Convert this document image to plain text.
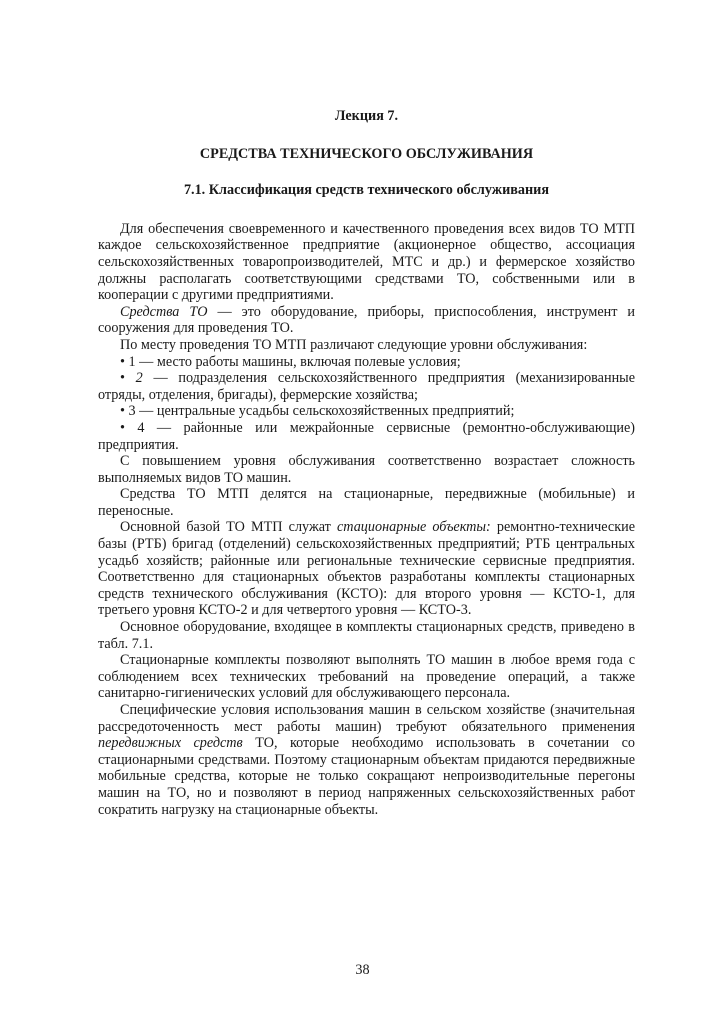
Лекция 7.

СРЕДСТВА ТЕХНИЧЕСКОГО ОБСЛУЖИВАНИЯ

7.1. Классификация средств технического обслуживания

Для обеспечения своевременного и качественного проведения всех видов ТО МТП каждое сельскохозяйственное предприятие (акционерное общество, ассоциация сельскохозяйственных товаропроизводителей, МТС и др.) и фермерское хозяйство должны располагать соответствующими средствами ТО, собственными или в кооперации с другими предприятиями.

Средства ТО — это оборудование, приборы, приспособления, инструмент и сооружения для проведения ТО.

По месту проведения ТО МТП различают следующие уровни обслуживания:

• 1 — место работы машины, включая полевые условия;

• 2 — подразделения сельскохозяйственного предприятия (механизированные отряды, отделения, бригады), фермерские хозяйства;

• 3 — центральные усадьбы сельскохозяйственных предприятий;

• 4 — районные или межрайонные сервисные (ремонтно-обслуживающие) предприятия.

С повышением уровня обслуживания соответственно возрастает сложность выполняемых видов ТО машин.

Средства ТО МТП делятся на стационарные, передвижные (мобильные) и переносные.

Основной базой ТО МТП служат стационарные объекты: ремонтно-технические базы (РТБ) бригад (отделений) сельскохозяйственных предприятий; РТБ центральных усадьб хозяйств; районные или региональные технические сервисные предприятия. Соответственно для стационарных объектов разработаны комплекты стационарных средств технического обслуживания (КСТО): для второго уровня — КСТО-1, для третьего уровня КСТО-2 и для четвертого уровня — КСТО-3.

Основное оборудование, входящее в комплекты стационарных средств, приведено в табл. 7.1.

Стационарные комплекты позволяют выполнять ТО машин в любое время года с соблюдением всех технических требований на проведение операций, а также санитарно-гигиенических условий для обслуживающего персонала.

Специфические условия использования машин в сельском хозяйстве (значительная рассредоточенность мест работы машин) требуют обязательного применения передвижных средств ТО, которые необходимо использовать в сочетании со стационарными средствами. Поэтому стационарным объектам придаются передвижные мобильные средства, которые не только сокращают непроизводительные перегоны машин на ТО, но и позволяют в период напряженных сельскохозяйственных работ сократить нагрузку на стационарные объекты.

38
